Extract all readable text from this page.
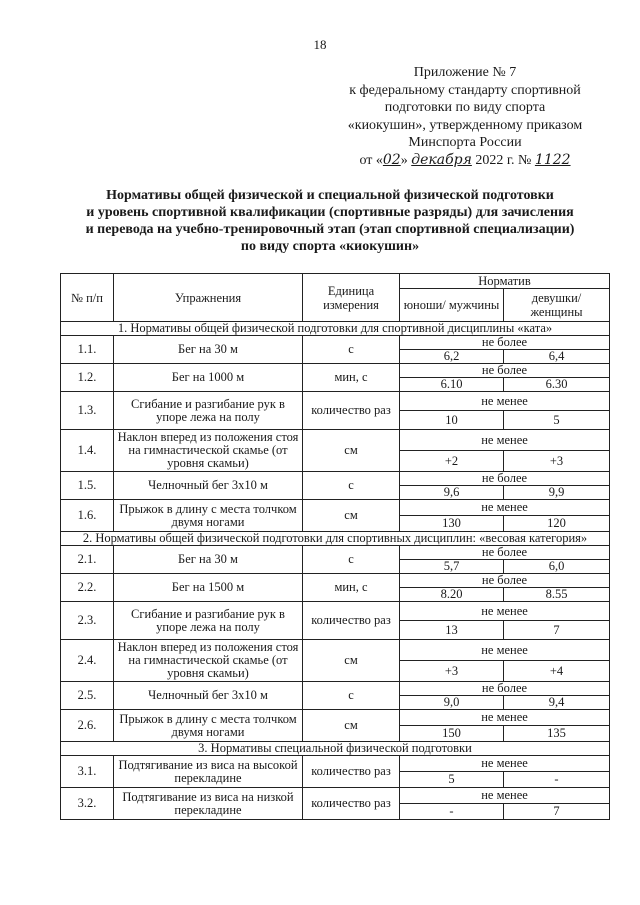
18
Приложение № 7
к федеральному стандарту спортивной
подготовки по виду спорта
«киокушин», утвержденному приказом
Минспорта России
от «02» декабря 2022 г. № 1122
Нормативы общей физической и специальной физической подготовки
и уровень спортивной квалификации (спортивные разряды) для зачисления
и перевода на учебно-тренировочный этап (этап спортивной специализации)
по виду спорта «киокушин»
№ п/п	Упражнения	Единица измерения	Норматив	
			юноши/ мужчины	девушки/ женщины
1. Нормативы общей физической подготовки для спортивной дисциплины «ката»				
1.1.	Бег на 30 м	с	не более	
			6,2	6,4
1.2.	Бег на 1000 м	мин, с	не более	
			6.10	6.30
1.3.	Сгибание и разгибание рук в упоре лежа на полу	количество раз	не менее	
			10	5
1.4.	Наклон вперед из положения стоя на гимнастической скамье (от уровня скамьи)	см	не менее	
			+2	+3
1.5.	Челночный бег 3х10 м	с	не более	
			9,6	9,9
1.6.	Прыжок в длину с места толчком двумя ногами	см	не менее	
			130	120
2. Нормативы общей физической подготовки для спортивных дисциплин: «весовая категория»				
2.1.	Бег на 30 м	с	не более	
			5,7	6,0
2.2.	Бег на 1500 м	мин, с	не более	
			8.20	8.55
2.3.	Сгибание и разгибание рук в упоре лежа на полу	количество раз	не менее	
			13	7
2.4.	Наклон вперед из положения стоя на гимнастической скамье (от уровня скамьи)	см	не менее	
			+3	+4
2.5.	Челночный бег 3х10 м	с	не более	
			9,0	9,4
2.6.	Прыжок в длину с места толчком двумя ногами	см	не менее	
			150	135
3. Нормативы специальной физической подготовки				
3.1.	Подтягивание из виса на высокой перекладине	количество раз	не менее	
			5	-
3.2.	Подтягивание из виса на низкой перекладине	количество раз	не менее	
			-	7
